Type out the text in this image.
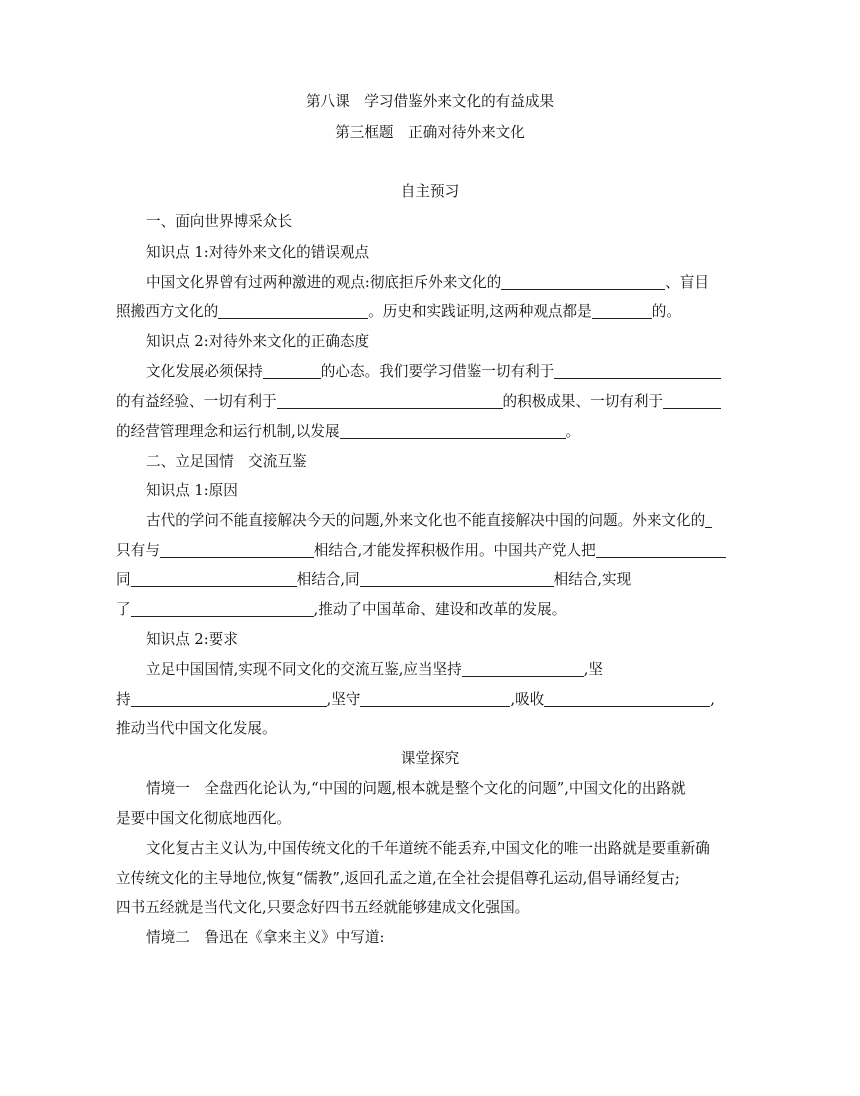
第八课　学习借鉴外来文化的有益成果
第三框题　正确对待外来文化
自主预习
一、面向世界博采众长
知识点 1:对待外来文化的错误观点
中国文化界曾有过两种激进的观点:彻底拒斥外来文化的	、盲目
照搬西方文化的	。历史和实践证明,这两种观点都是	的。
知识点 2:对待外来文化的正确态度
文化发展必须保持	的心态。我们要学习借鉴一切有利于
的有益经验、一切有利于	的积极成果、一切有利于
的经营管理理念和运行机制,以发展	。
二、立足国情　交流互鉴
知识点 1:原因
古代的学问不能直接解决今天的问题,外来文化也不能直接解决中国的问题。外来文化的
只有与	相结合,才能发挥积极作用。中国共产党人把
同	相结合,同	相结合,实现
了	,推动了中国革命、建设和改革的发展。
知识点 2:要求
立足中国国情,实现不同文化的交流互鉴,应当坚持	,坚
持	,坚守	,吸收	,
推动当代中国文化发展。
课堂探究
情境一　全盘西化论认为,“中国的问题,根本就是整个文化的问题”,中国文化的出路就
是要中国文化彻底地西化。
文化复古主义认为,中国传统文化的千年道统不能丢弃,中国文化的唯一出路就是要重新确
立传统文化的主导地位,恢复“儒教”,返回孔孟之道,在全社会提倡尊孔运动,倡导诵经复古;
四书五经就是当代文化,只要念好四书五经就能够建成文化强国。
情境二　鲁迅在《拿来主义》中写道:
